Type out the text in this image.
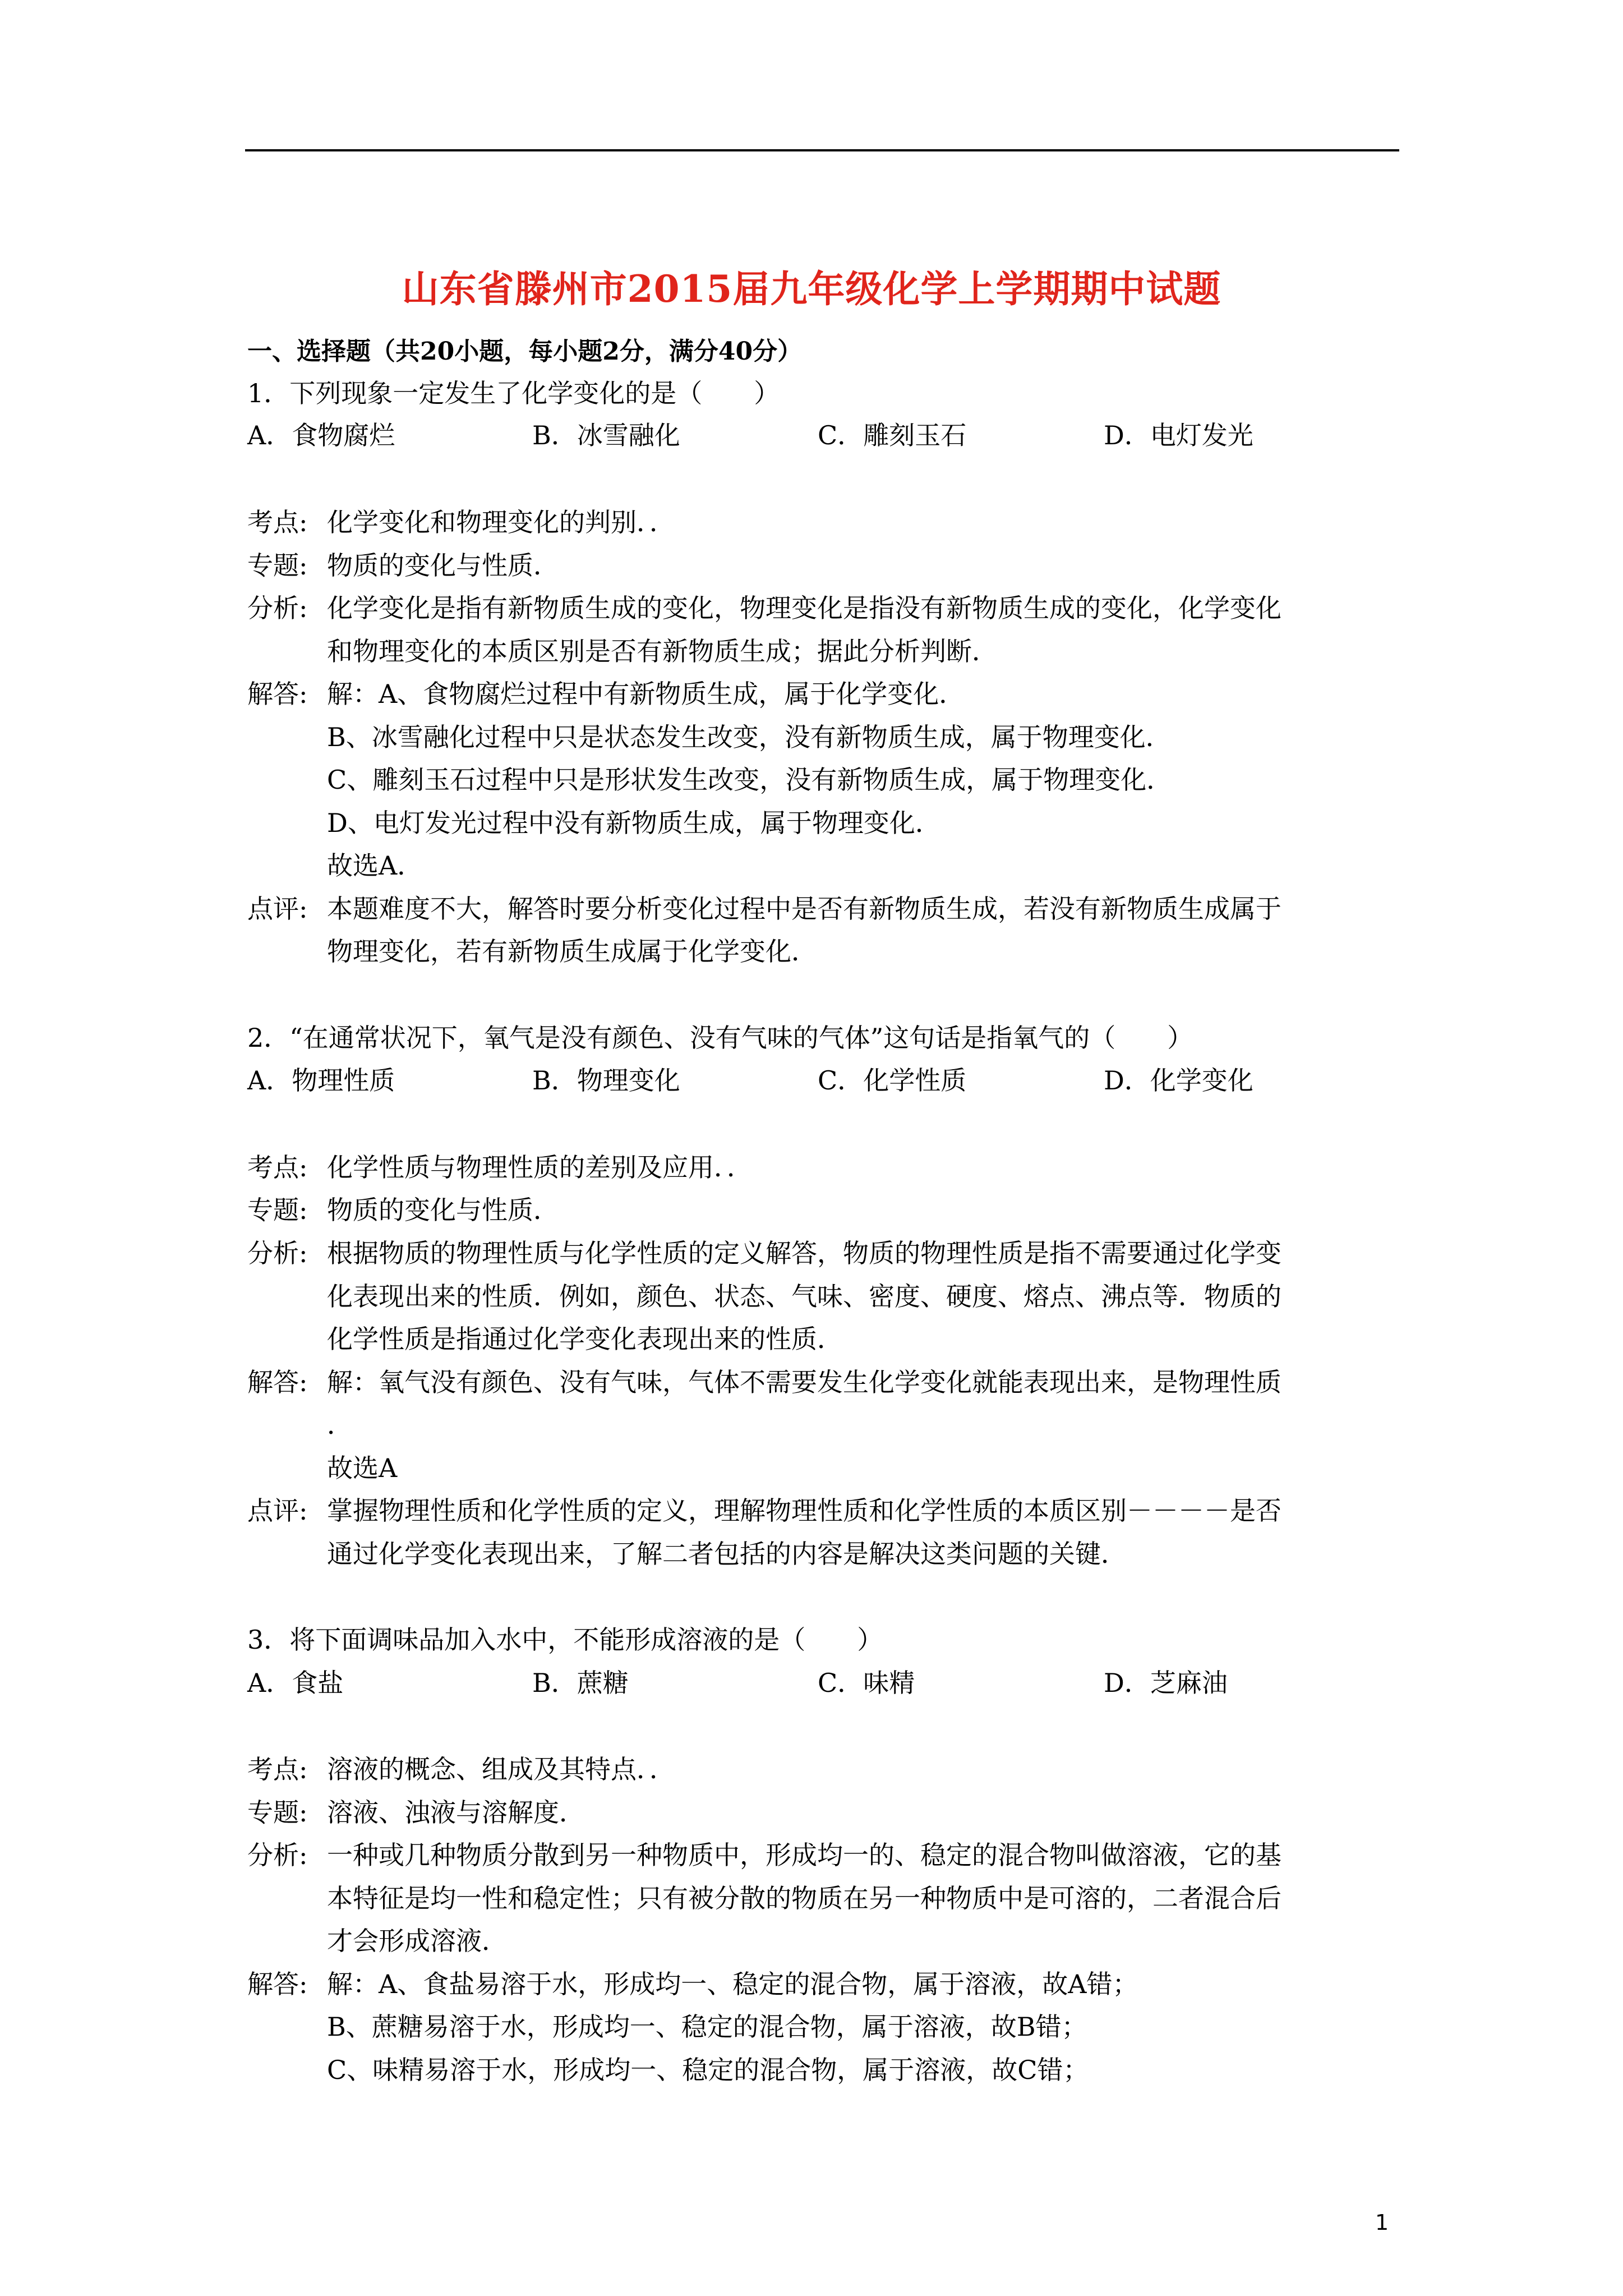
山东省滕州市2015届九年级化学上学期期中试题
一、选择题（共20小题，每小题2分，满分40分）
1．下列现象一定发生了化学变化的是（　　）
A．食物腐烂	B．冰雪融化	C．雕刻玉石	D．电灯发光
考点: 化学变化和物理变化的判别．．
专题: 物质的变化与性质．
分析: 化学变化是指有新物质生成的变化，物理变化是指没有新物质生成的变化，化学变化
和物理变化的本质区别是否有新物质生成；据此分析判断．
解答: 解：A、食物腐烂过程中有新物质生成，属于化学变化．
B、冰雪融化过程中只是状态发生改变，没有新物质生成，属于物理变化．
C、雕刻玉石过程中只是形状发生改变，没有新物质生成，属于物理变化．
D、电灯发光过程中没有新物质生成，属于物理变化．
故选A．
点评: 本题难度不大，解答时要分析变化过程中是否有新物质生成，若没有新物质生成属于
物理变化，若有新物质生成属于化学变化．
2．“在通常状况下，氧气是没有颜色、没有气味的气体”这句话是指氧气的（　　）
A．物理性质	B．物理变化	C．化学性质	D．化学变化
考点: 化学性质与物理性质的差别及应用．．
专题: 物质的变化与性质．
分析: 根据物质的物理性质与化学性质的定义解答，物质的物理性质是指不需要通过化学变
化表现出来的性质．例如，颜色、状态、气味、密度、硬度、熔点、沸点等．物质的
化学性质是指通过化学变化表现出来的性质．
解答: 解：氧气没有颜色、没有气味，气体不需要发生化学变化就能表现出来，是物理性质
．
故选A
点评: 掌握物理性质和化学性质的定义，理解物理性质和化学性质的本质区别－－－－是否
通过化学变化表现出来，了解二者包括的内容是解决这类问题的关键．
3．将下面调味品加入水中，不能形成溶液的是（　　）
A．食盐	B．蔗糖	C．味精	D．芝麻油
考点: 溶液的概念、组成及其特点．．
专题: 溶液、浊液与溶解度．
分析: 一种或几种物质分散到另一种物质中，形成均一的、稳定的混合物叫做溶液，它的基
本特征是均一性和稳定性；只有被分散的物质在另一种物质中是可溶的，二者混合后
才会形成溶液．
解答: 解：A、食盐易溶于水，形成均一、稳定的混合物，属于溶液，故A错；
B、蔗糖易溶于水，形成均一、稳定的混合物，属于溶液，故B错；
C、味精易溶于水，形成均一、稳定的混合物，属于溶液，故C错；
1
